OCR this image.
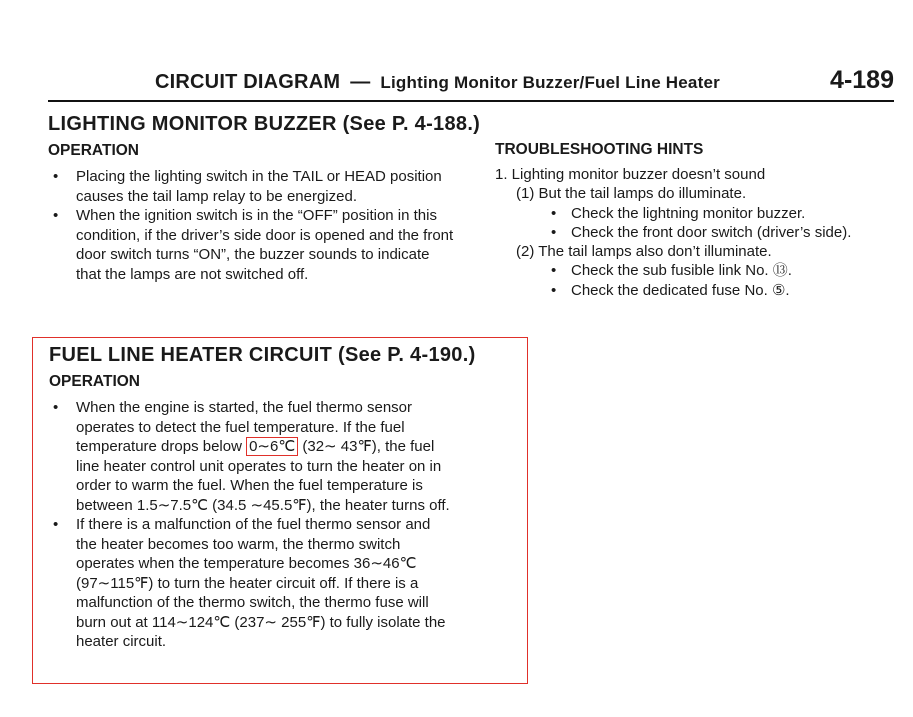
CIRCUIT DIAGRAM — Lighting Monitor Buzzer/Fuel Line Heater	4-189
LIGHTING MONITOR BUZZER (See P. 4-188.)
OPERATION
• Placing the lighting switch in the TAIL or HEAD position causes the tail lamp relay to be energized.
• When the ignition switch is in the “OFF” position in this condition, if the driver’s side door is opened and the front door switch turns “ON”, the buzzer sounds to indicate that the lamps are not switched off.
TROUBLESHOOTING HINTS
1. Lighting monitor buzzer doesn’t sound
(1) But the tail lamps do illuminate.
• Check the lightning monitor buzzer.
• Check the front door switch (driver’s side).
(2) The tail lamps also don’t illuminate.
• Check the sub fusible link No. ⑬.
• Check the dedicated fuse No. ⑤.
FUEL LINE HEATER CIRCUIT (See P. 4-190.)
OPERATION
• When the engine is started, the fuel thermo sensor operates to detect the fuel temperature. If the fuel temperature drops below 0∼6℃ (32∼ 43℉), the fuel line heater control unit operates to turn the heater on in order to warm the fuel. When the fuel temperature is between 1.5∼7.5℃ (34.5 ∼45.5℉), the heater turns off.
• If there is a malfunction of the fuel thermo sensor and the heater becomes too warm, the thermo switch operates when the temperature becomes 36∼46℃ (97∼115℉) to turn the heater circuit off. If there is a malfunction of the thermo switch, the thermo fuse will burn out at 114∼124℃ (237∼ 255℉) to fully isolate the heater circuit.
